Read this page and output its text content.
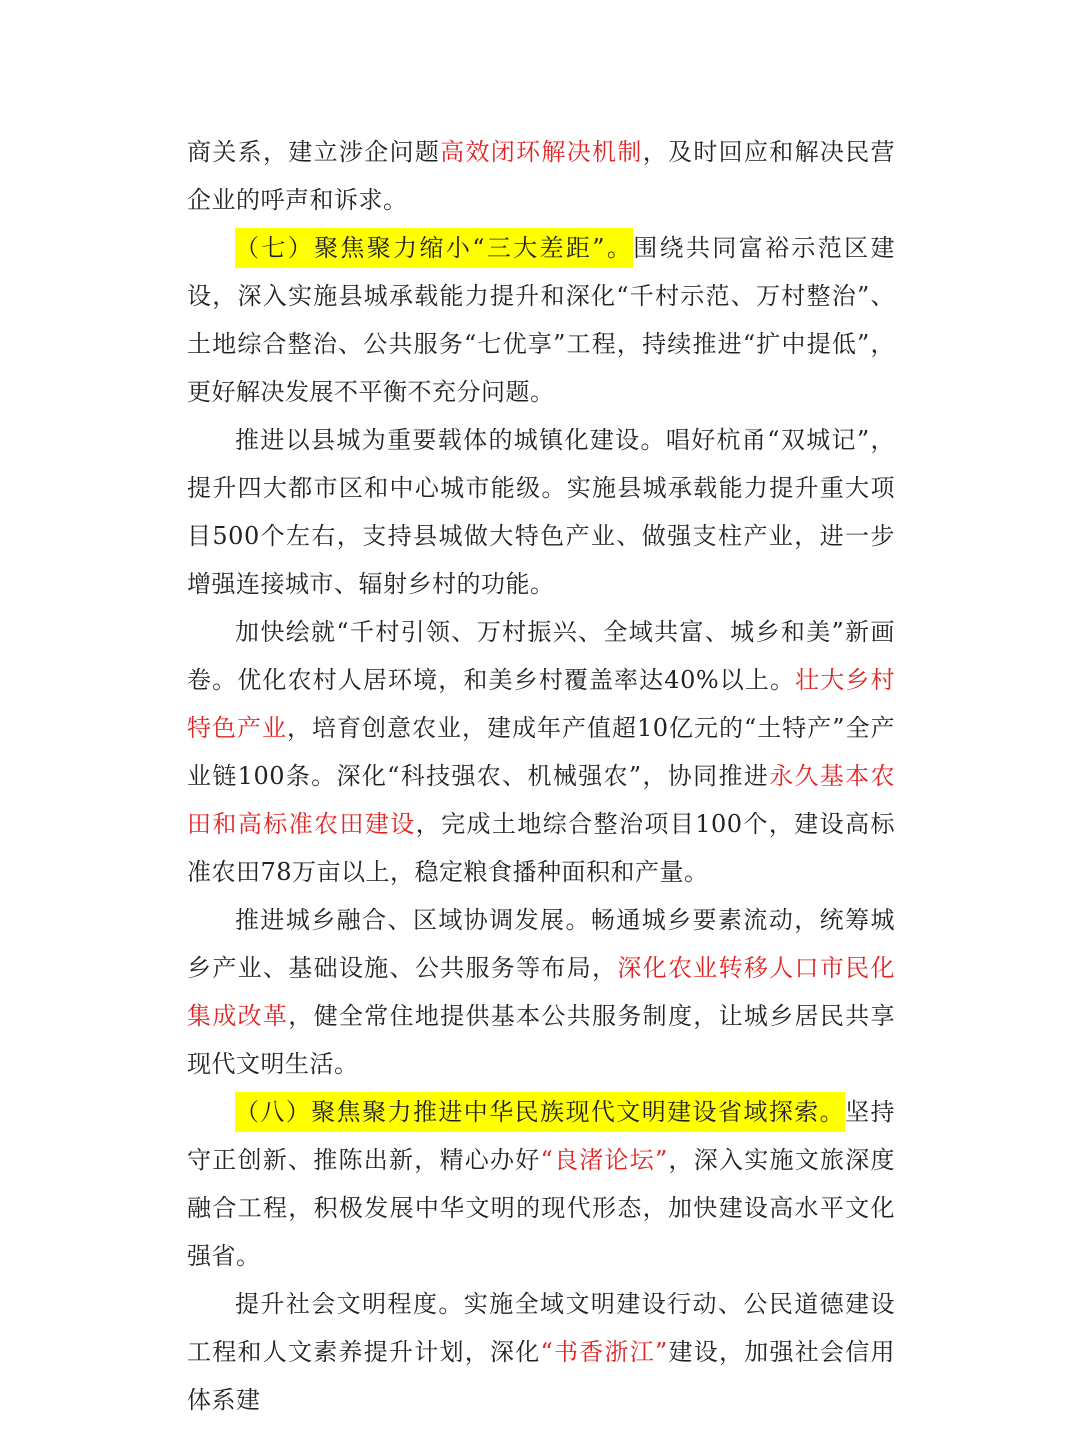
商关系，建立涉企问题高效闭环解决机制，及时回应和解决民营企业的呼声和诉求。

（七）聚焦聚力缩小“三大差距”。围绕共同富裕示范区建设，深入实施县城承载能力提升和深化“千村示范、万村整治”、土地综合整治、公共服务“七优享”工程，持续推进“扩中提低”，更好解决发展不平衡不充分问题。

推进以县城为重要载体的城镇化建设。唱好杭甬“双城记”，提升四大都市区和中心城市能级。实施县城承载能力提升重大项目500个左右，支持县城做大特色产业、做强支柱产业，进一步增强连接城市、辐射乡村的功能。

加快绘就“千村引领、万村振兴、全域共富、城乡和美”新画卷。优化农村人居环境，和美乡村覆盖率达40%以上。壮大乡村特色产业，培育创意农业，建成年产值超10亿元的“土特产”全产业链100条。深化“科技强农、机械强农”，协同推进永久基本农田和高标准农田建设，完成土地综合整治项目100个，建设高标准农田78万亩以上，稳定粮食播种面积和产量。

推进城乡融合、区域协调发展。畅通城乡要素流动，统筹城乡产业、基础设施、公共服务等布局，深化农业转移人口市民化集成改革，健全常住地提供基本公共服务制度，让城乡居民共享现代文明生活。

（八）聚焦聚力推进中华民族现代文明建设省域探索。坚持守正创新、推陈出新，精心办好“良渚论坛”，深入实施文旅深度融合工程，积极发展中华文明的现代形态，加快建设高水平文化强省。

提升社会文明程度。实施全域文明建设行动、公民道德建设工程和人文素养提升计划，深化“书香浙江”建设，加强社会信用体系建
